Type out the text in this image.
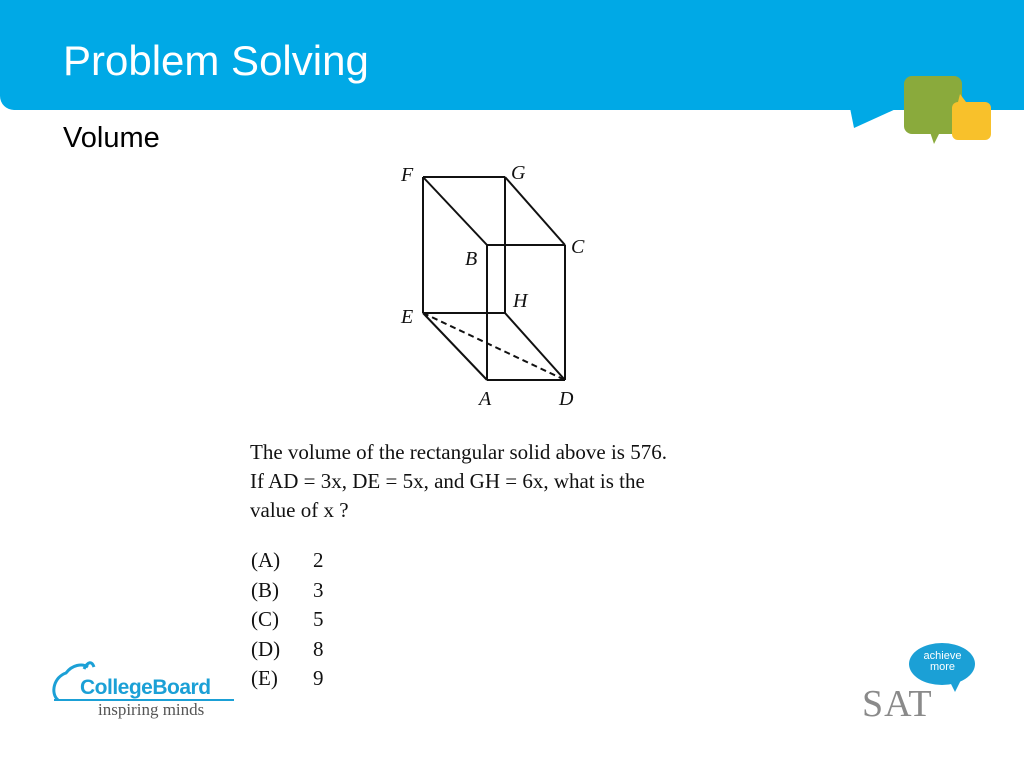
Problem Solving
Volume
F	G
C
B
H
E
A	D
The volume of the rectangular solid above is 576.
If AD = 3x, DE = 5x, and GH = 6x, what is the
value of x ?
(A) 2
(B) 3
(C) 5
(D) 8
(E) 9
CollegeBoard
inspiring minds
achieve
more
SAT
